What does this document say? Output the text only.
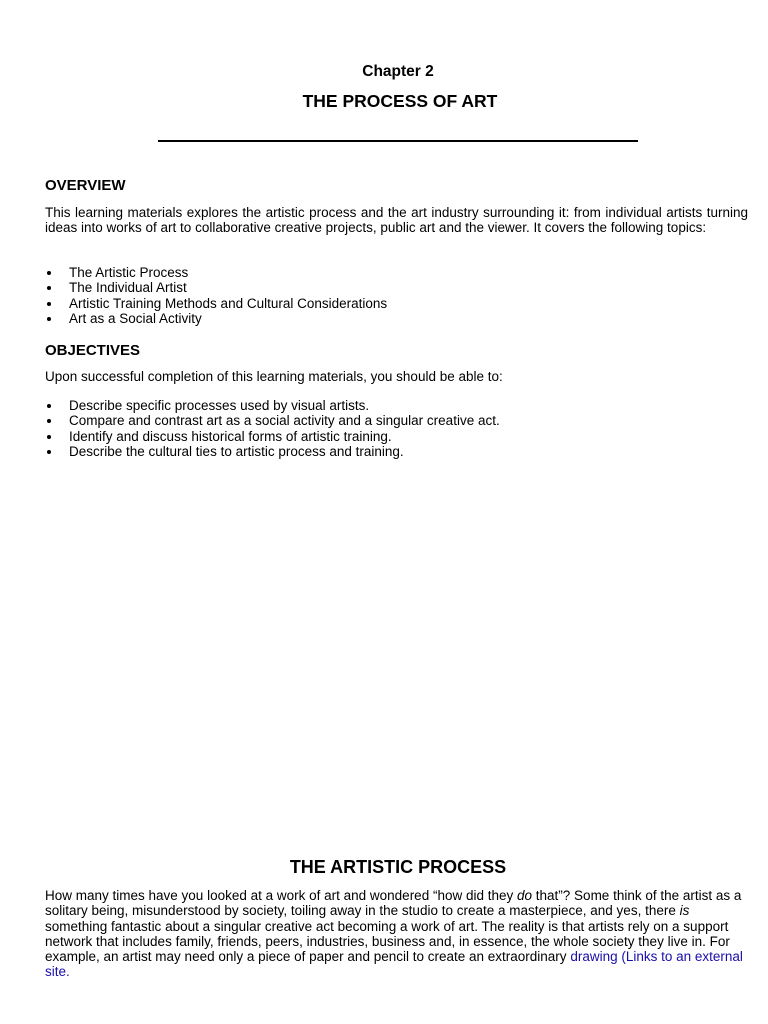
Chapter 2
THE PROCESS OF ART
OVERVIEW
This learning materials explores the artistic process and the art industry surrounding it: from individual artists turning ideas into works of art to collaborative creative projects, public art and the viewer. It covers the following topics:
The Artistic Process
The Individual Artist
Artistic Training Methods and Cultural Considerations
Art as a Social Activity
OBJECTIVES
Upon successful completion of this learning materials, you should be able to:
Describe specific processes used by visual artists.
Compare and contrast art as a social activity and a singular creative act.
Identify and discuss historical forms of artistic training.
Describe the cultural ties to artistic process and training.
THE ARTISTIC PROCESS
How many times have you looked at a work of art and wondered “how did they do that”? Some think of the artist as a solitary being, misunderstood by society, toiling away in the studio to create a masterpiece, and yes, there is something fantastic about a singular creative act becoming a work of art. The reality is that artists rely on a support network that includes family, friends, peers, industries, business and, in essence, the whole society they live in. For example, an artist may need only a piece of paper and pencil to create an extraordinary drawing (Links to an external site.
